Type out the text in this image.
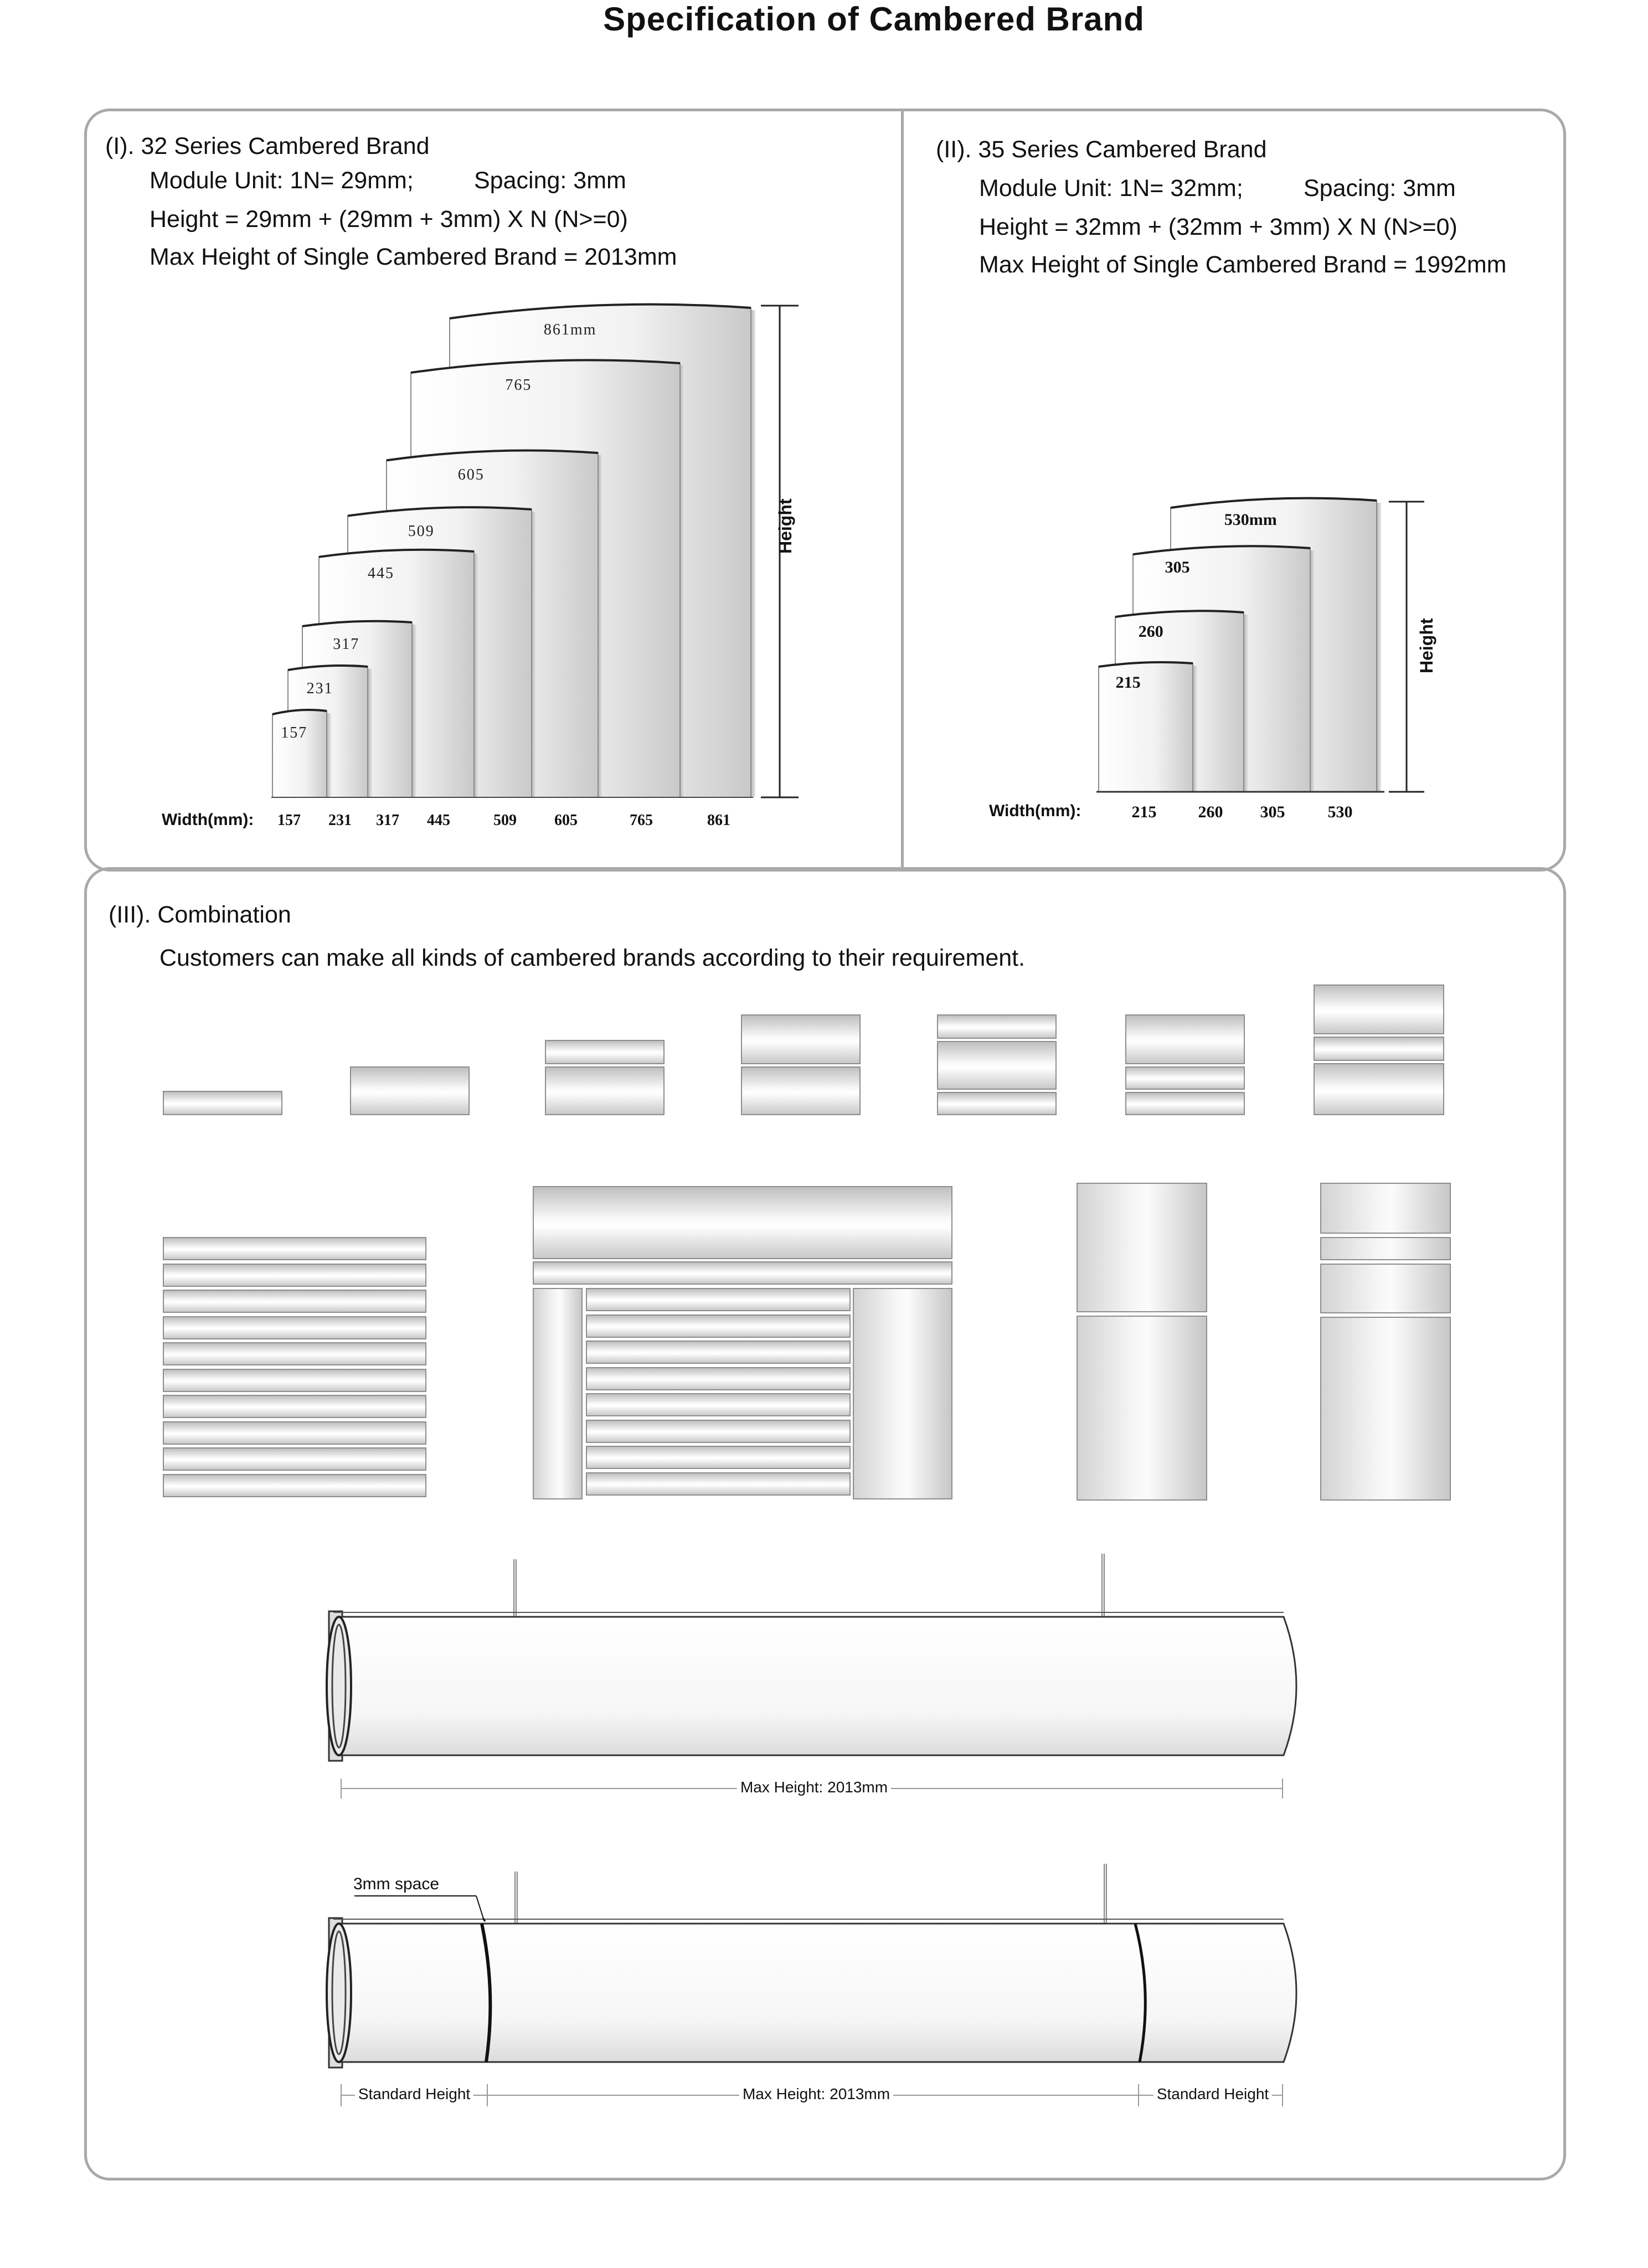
Specification of Cambered Brand
(I). 32 Series Cambered Brand
Module Unit: 1N= 29mm;	Spacing: 3mm
Height = 29mm + (29mm + 3mm) X N (N>=0)
Max Height of Single Cambered Brand = 2013mm
157
231
317
445
509
605
765
861mm
157 231 317 445	509 605	765	861
Height
Width(mm):
(II). 35 Series Cambered Brand
Module Unit: 1N= 32mm;	Spacing: 3mm
Height = 32mm + (32mm + 3mm) X N (N>=0)
Max Height of Single Cambered Brand = 1992mm
215
260
305
530mm
215	260 305	530
Height
Width(mm):
(III). Combination
Customers can make all kinds of cambered brands according to their requirement.
Max Height: 2013mm
3mm space
Standard Height	Max Height: 2013mm	Standard Height
